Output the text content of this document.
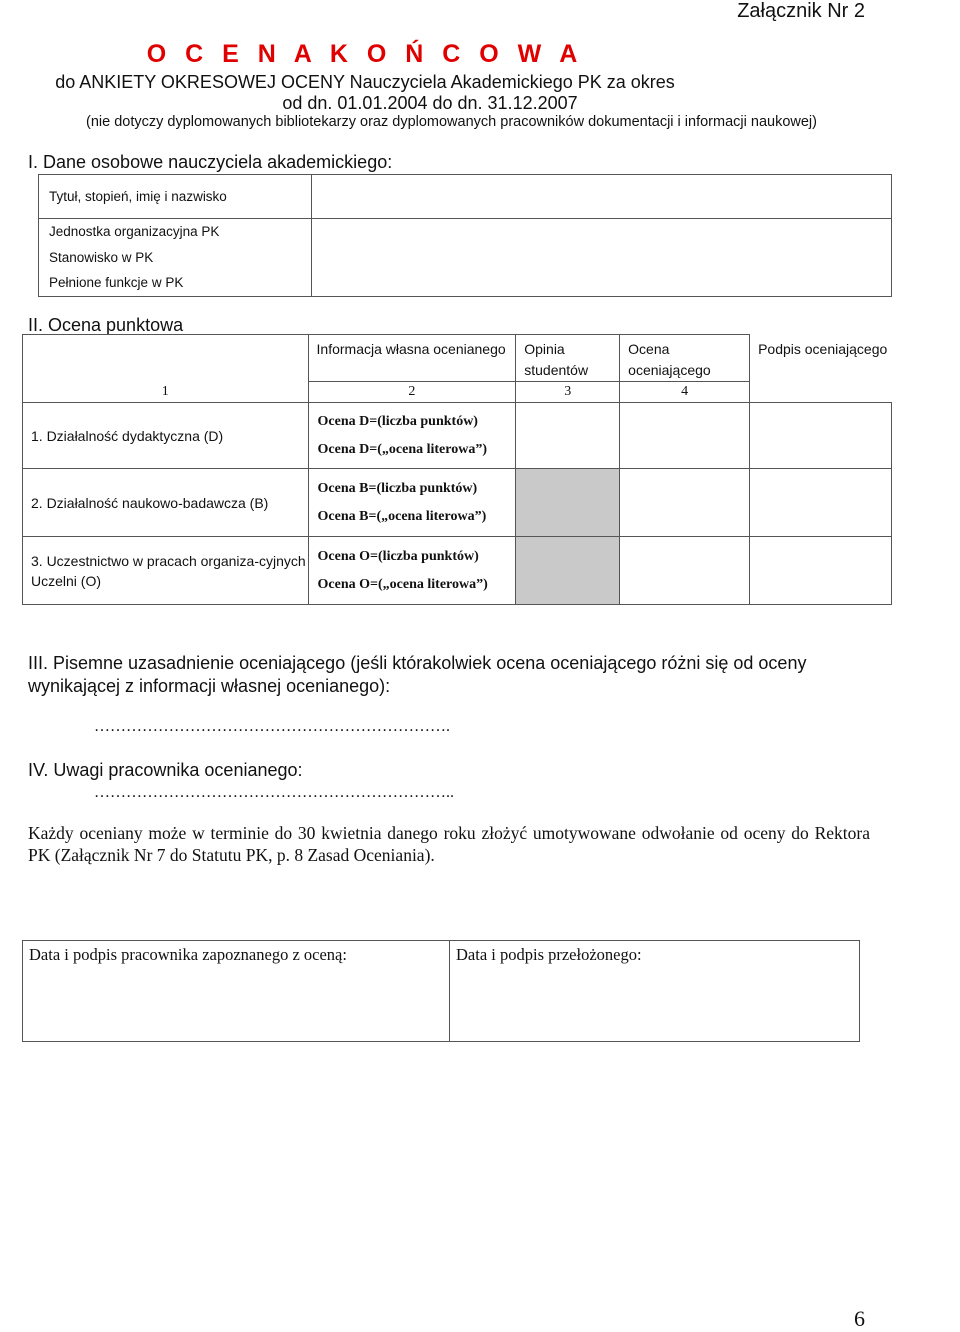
Załącznik Nr 2
O C E N A K O Ń C O W A
do ANKIETY OKRESOWEJ OCENY Nauczyciela Akademickiego PK za okres
od dn. 01.01.2004 do dn. 31.12.2007
(nie dotyczy dyplomowanych bibliotekarzy oraz dyplomowanych pracowników dokumentacji i informacji naukowej)
I. Dane osobowe nauczyciela akademickiego:
Tytuł, stopień, imię i nazwisko	
Jednostka organizacyjna PK	
Stanowisko w PK	
Pełnione funkcje w PK	
II. Ocena punktowa
	Informacja własna ocenianego	Opinia studentów	Ocena oceniającego	Podpis oceniającego
1	2	3	4	
1. Działalność dydaktyczna (D)	Ocena D=(liczba punktów)
Ocena D=(„ocena literowa”)			

2. Działalność naukowo-badawcza (B)	Ocena B=(liczba punktów)
Ocena B=(„ocena literowa”)			

3. Uczestnictwo w pracach organiza-cyjnych Uczelni (O)	Ocena O=(liczba punktów)
Ocena O=(„ocena literowa”)			

III. Pisemne uzasadnienie oceniającego (jeśli którakolwiek ocena oceniającego różni się od oceny
wynikającej z informacji własnej ocenianego):
………………………………………………………….
IV. Uwagi pracownika ocenianego:
…………………………………………………………..
Każdy oceniany może w terminie do 30 kwietnia danego roku złożyć umotywowane odwołanie od oceny do Rektora PK (Załącznik Nr 7 do Statutu PK, p. 8 Zasad Oceniania).
Data i podpis pracownika zapoznanego z oceną:	Data i podpis przełożonego:
6
